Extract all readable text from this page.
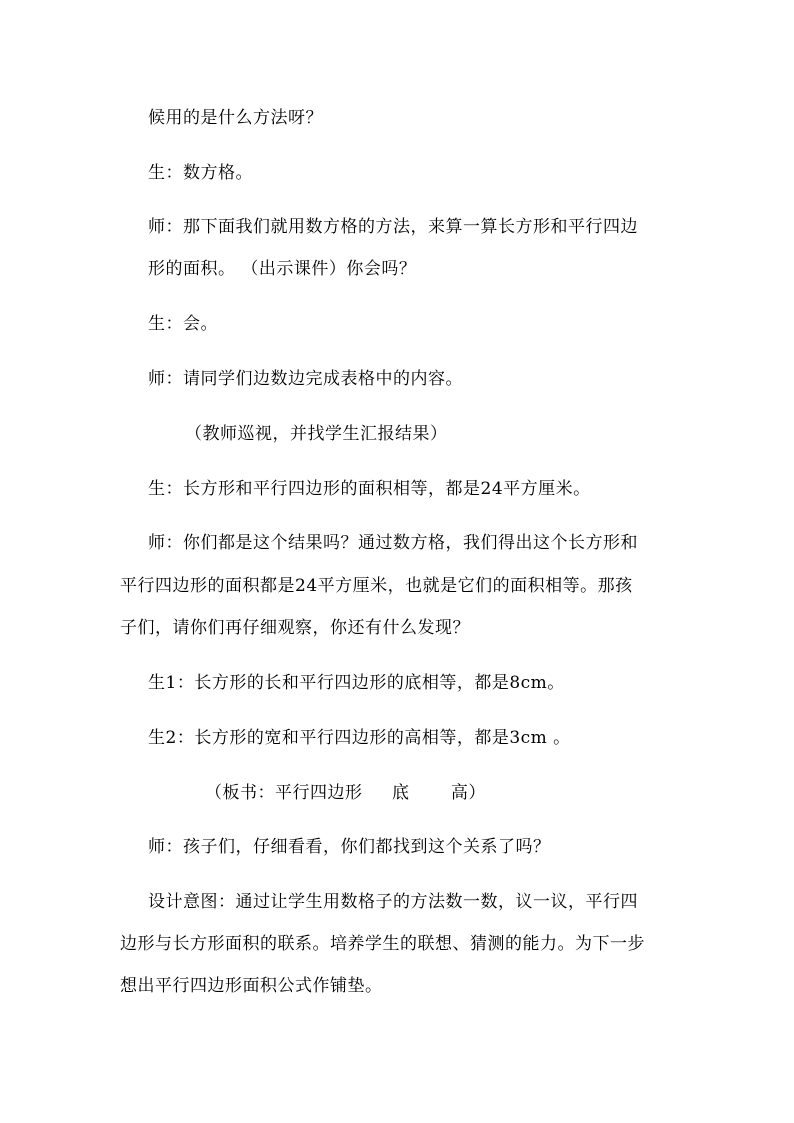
候用的是什么方法呀？
生：数方格。
师：那下面我们就用数方格的方法，来算一算长方形和平行四边
形的面积。 （出示课件）你会吗？
生：会。
师：请同学们边数边完成表格中的内容。
（教师巡视，并找学生汇报结果）
生：长方形和平行四边形的面积相等，都是24平方厘米。
师：你们都是这个结果吗？通过数方格，我们得出这个长方形和
平行四边形的面积都是24平方厘米，也就是它们的面积相等。那孩
子们，请你们再仔细观察，你还有什么发现？
生1：长方形的长和平行四边形的底相等，都是8cm。
生2：长方形的宽和平行四边形的高相等，都是3cm 。
（板书：平行四边形     底       高）
师：孩子们，仔细看看，你们都找到这个关系了吗？
设计意图：通过让学生用数格子的方法数一数，议一议，平行四
边形与长方形面积的联系。培养学生的联想、猜测的能力。为下一步
想出平行四边形面积公式作铺垫。
